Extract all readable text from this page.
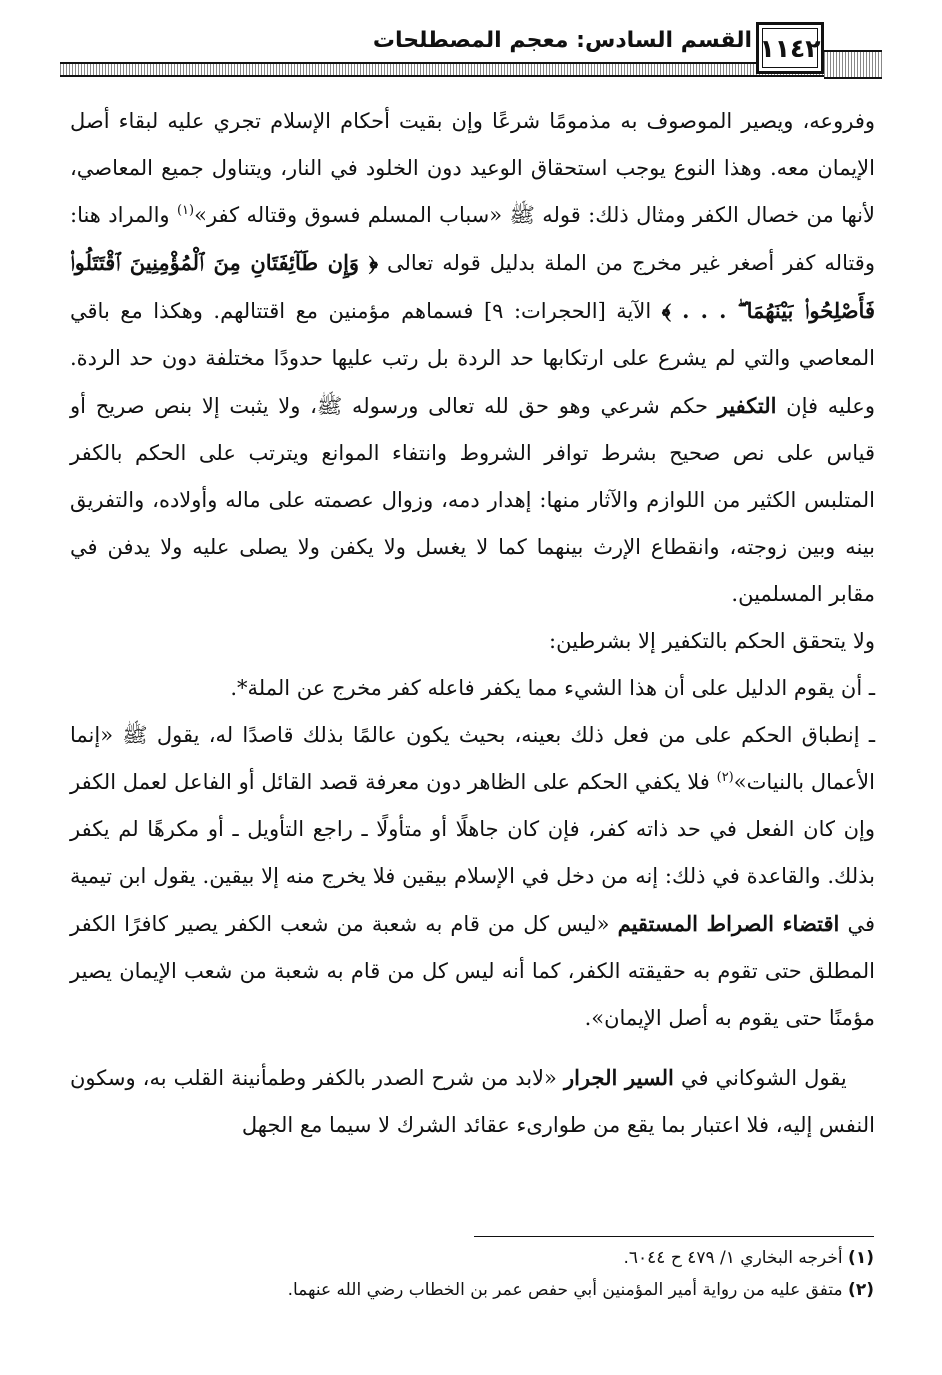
١١٤٢
القسم السادس: معجم المصطلحات

وفروعه، ويصير الموصوف به مذمومًا شرعًا وإن بقيت أحكام الإسلام تجري عليه لبقاء أصل الإيمان معه. وهذا النوع يوجب استحقاق الوعيد دون الخلود في النار، ويتناول جميع المعاصي، لأنها من خصال الكفر ومثال ذلك: قوله ﷺ «سباب المسلم فسوق وقتاله كفر»$^{(١)}$ والمراد هنا: وقتاله كفر أصغر غير مخرج من الملة بدليل قوله تعالى ﴿ وَإِن طَآئِفَتَانِ مِنَ ٱلْمُؤْمِنِينَ ٱقْتَتَلُوا۟ فَأَصْلِحُوا۟ بَيْنَهُمَا ۖ . . . ﴾ الآية [الحجرات: ٩] فسماهم مؤمنين مع اقتتالهم. وهكذا مع باقي المعاصي والتي لم يشرع على ارتكابها حد الردة بل رتب عليها حدودًا مختلفة دون حد الردة. وعليه فإن التكفير حكم شرعي وهو حق لله تعالى ورسوله ﷺ، ولا يثبت إلا بنص صريح أو قياس على نص صحيح بشرط توافر الشروط وانتفاء الموانع ويترتب على الحكم بالكفر المتلبس الكثير من اللوازم والآثار منها: إهدار دمه، وزوال عصمته على ماله وأولاده، والتفريق بينه وبين زوجته، وانقطاع الإرث بينهما كما لا يغسل ولا يكفن ولا يصلى عليه ولا يدفن في مقابر المسلمين.

ولا يتحقق الحكم بالتكفير إلا بشرطين:

ـ أن يقوم الدليل على أن هذا الشيء مما يكفر فاعله كفر مخرج عن الملة*.

ـ إنطباق الحكم على من فعل ذلك بعينه، بحيث يكون عالمًا بذلك قاصدًا له، يقول ﷺ «إنما الأعمال بالنيات»$^{(٢)}$ فلا يكفي الحكم على الظاهر دون معرفة قصد القائل أو الفاعل لعمل الكفر وإن كان الفعل في حد ذاته كفر، فإن كان جاهلًا أو متأولًا ـ راجع التأويل ـ أو مكرهًا لم يكفر بذلك. والقاعدة في ذلك: إنه من دخل في الإسلام بيقين فلا يخرج منه إلا بيقين. يقول ابن تيمية في اقتضاء الصراط المستقيم «ليس كل من قام به شعبة من شعب الكفر يصير كافرًا الكفر المطلق حتى تقوم به حقيقته الكفر، كما أنه ليس كل من قام به شعبة من شعب الإيمان يصير مؤمنًا حتى يقوم به أصل الإيمان».

يقول الشوكاني في السير الجرار «لابد من شرح الصدر بالكفر وطمأنينة القلب به، وسكون النفس إليه، فلا اعتبار بما يقع من طوارىء عقائد الشرك لا سيما مع الجهل

(١) أخرجه البخاري ١/ ٤٧٩ ح ٦٠٤٤.

(٢) متفق عليه من رواية أمير المؤمنين أبي حفص عمر بن الخطاب رضي الله عنهما.
